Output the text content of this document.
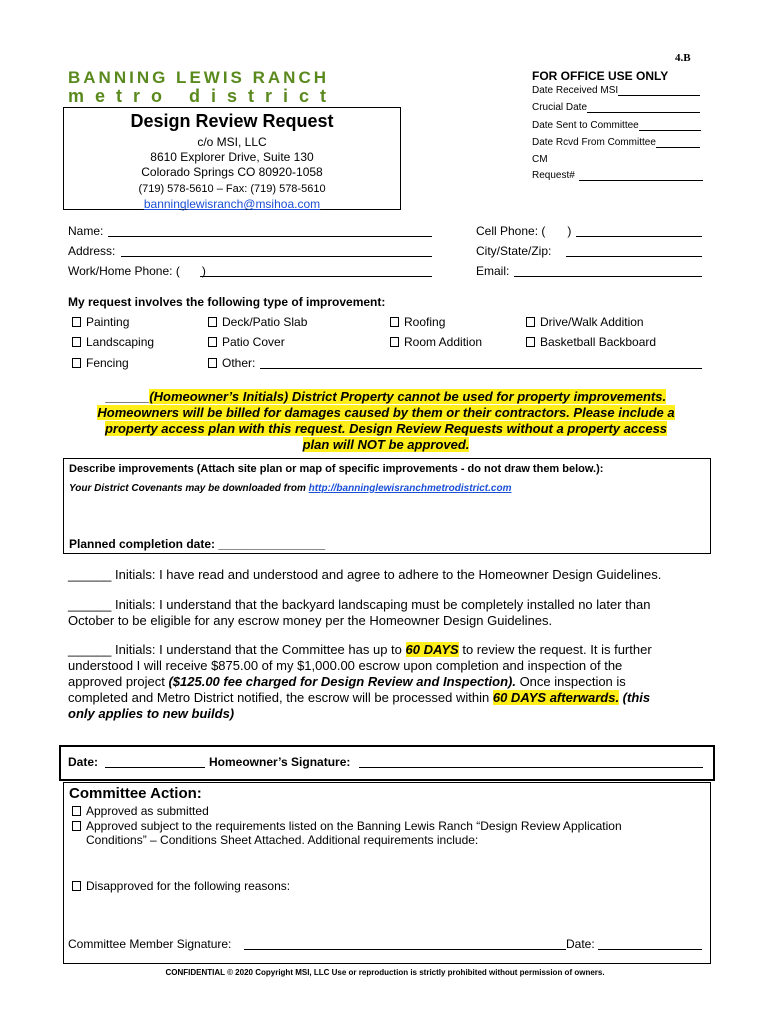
4.B
BANNING LEWIS RANCH
metro district
Design Review Request
c/o MSI, LLC
8610 Explorer Drive, Suite 130
Colorado Springs CO 80920-1058
(719) 578-5610 – Fax: (719) 578-5610
banninglewisranch@msihoa.com
FOR OFFICE USE ONLY
Date Received MSI
Crucial Date
Date Sent to Committee
Date Rcvd From Committee
CM
Request#
Name:
Address:
Work/Home Phone: ( )
Cell Phone: ( )
City/State/Zip:
Email:
My request involves the following type of improvement:
Painting	Deck/Patio Slab	Roofing	Drive/Walk Addition
Landscaping	Patio Cover	Room Addition	Basketball Backboard
Fencing	Other:
______(Homeowner’s Initials) District Property cannot be used for property improvements.
Homeowners will be billed for damages caused by them or their contractors. Please include a
property access plan with this request. Design Review Requests without a property access
plan will NOT be approved.
Describe improvements (Attach site plan or map of specific improvements - do not draw them below.):
Your District Covenants may be downloaded from http://banninglewisranchmetrodistrict.com
Planned completion date: ________________
______ Initials: I have read and understood and agree to adhere to the Homeowner Design Guidelines.
______ Initials: I understand that the backyard landscaping must be completely installed no later than
October to be eligible for any escrow money per the Homeowner Design Guidelines.
______ Initials: I understand that the Committee has up to 60 DAYS to review the request. It is further
understood I will receive $875.00 of my $1,000.00 escrow upon completion and inspection of the
approved project ($125.00 fee charged for Design Review and Inspection). Once inspection is
completed and Metro District notified, the escrow will be processed within 60 DAYS afterwards. (this
only applies to new builds)
Date:	Homeowner’s Signature:
Committee Action:
Approved as submitted
Approved subject to the requirements listed on the Banning Lewis Ranch “Design Review Application
Conditions” – Conditions Sheet Attached. Additional requirements include:
Disapproved for the following reasons:
Committee Member Signature:	Date:
CONFIDENTIAL © 2020 Copyright MSI, LLC Use or reproduction is strictly prohibited without permission of owners.
